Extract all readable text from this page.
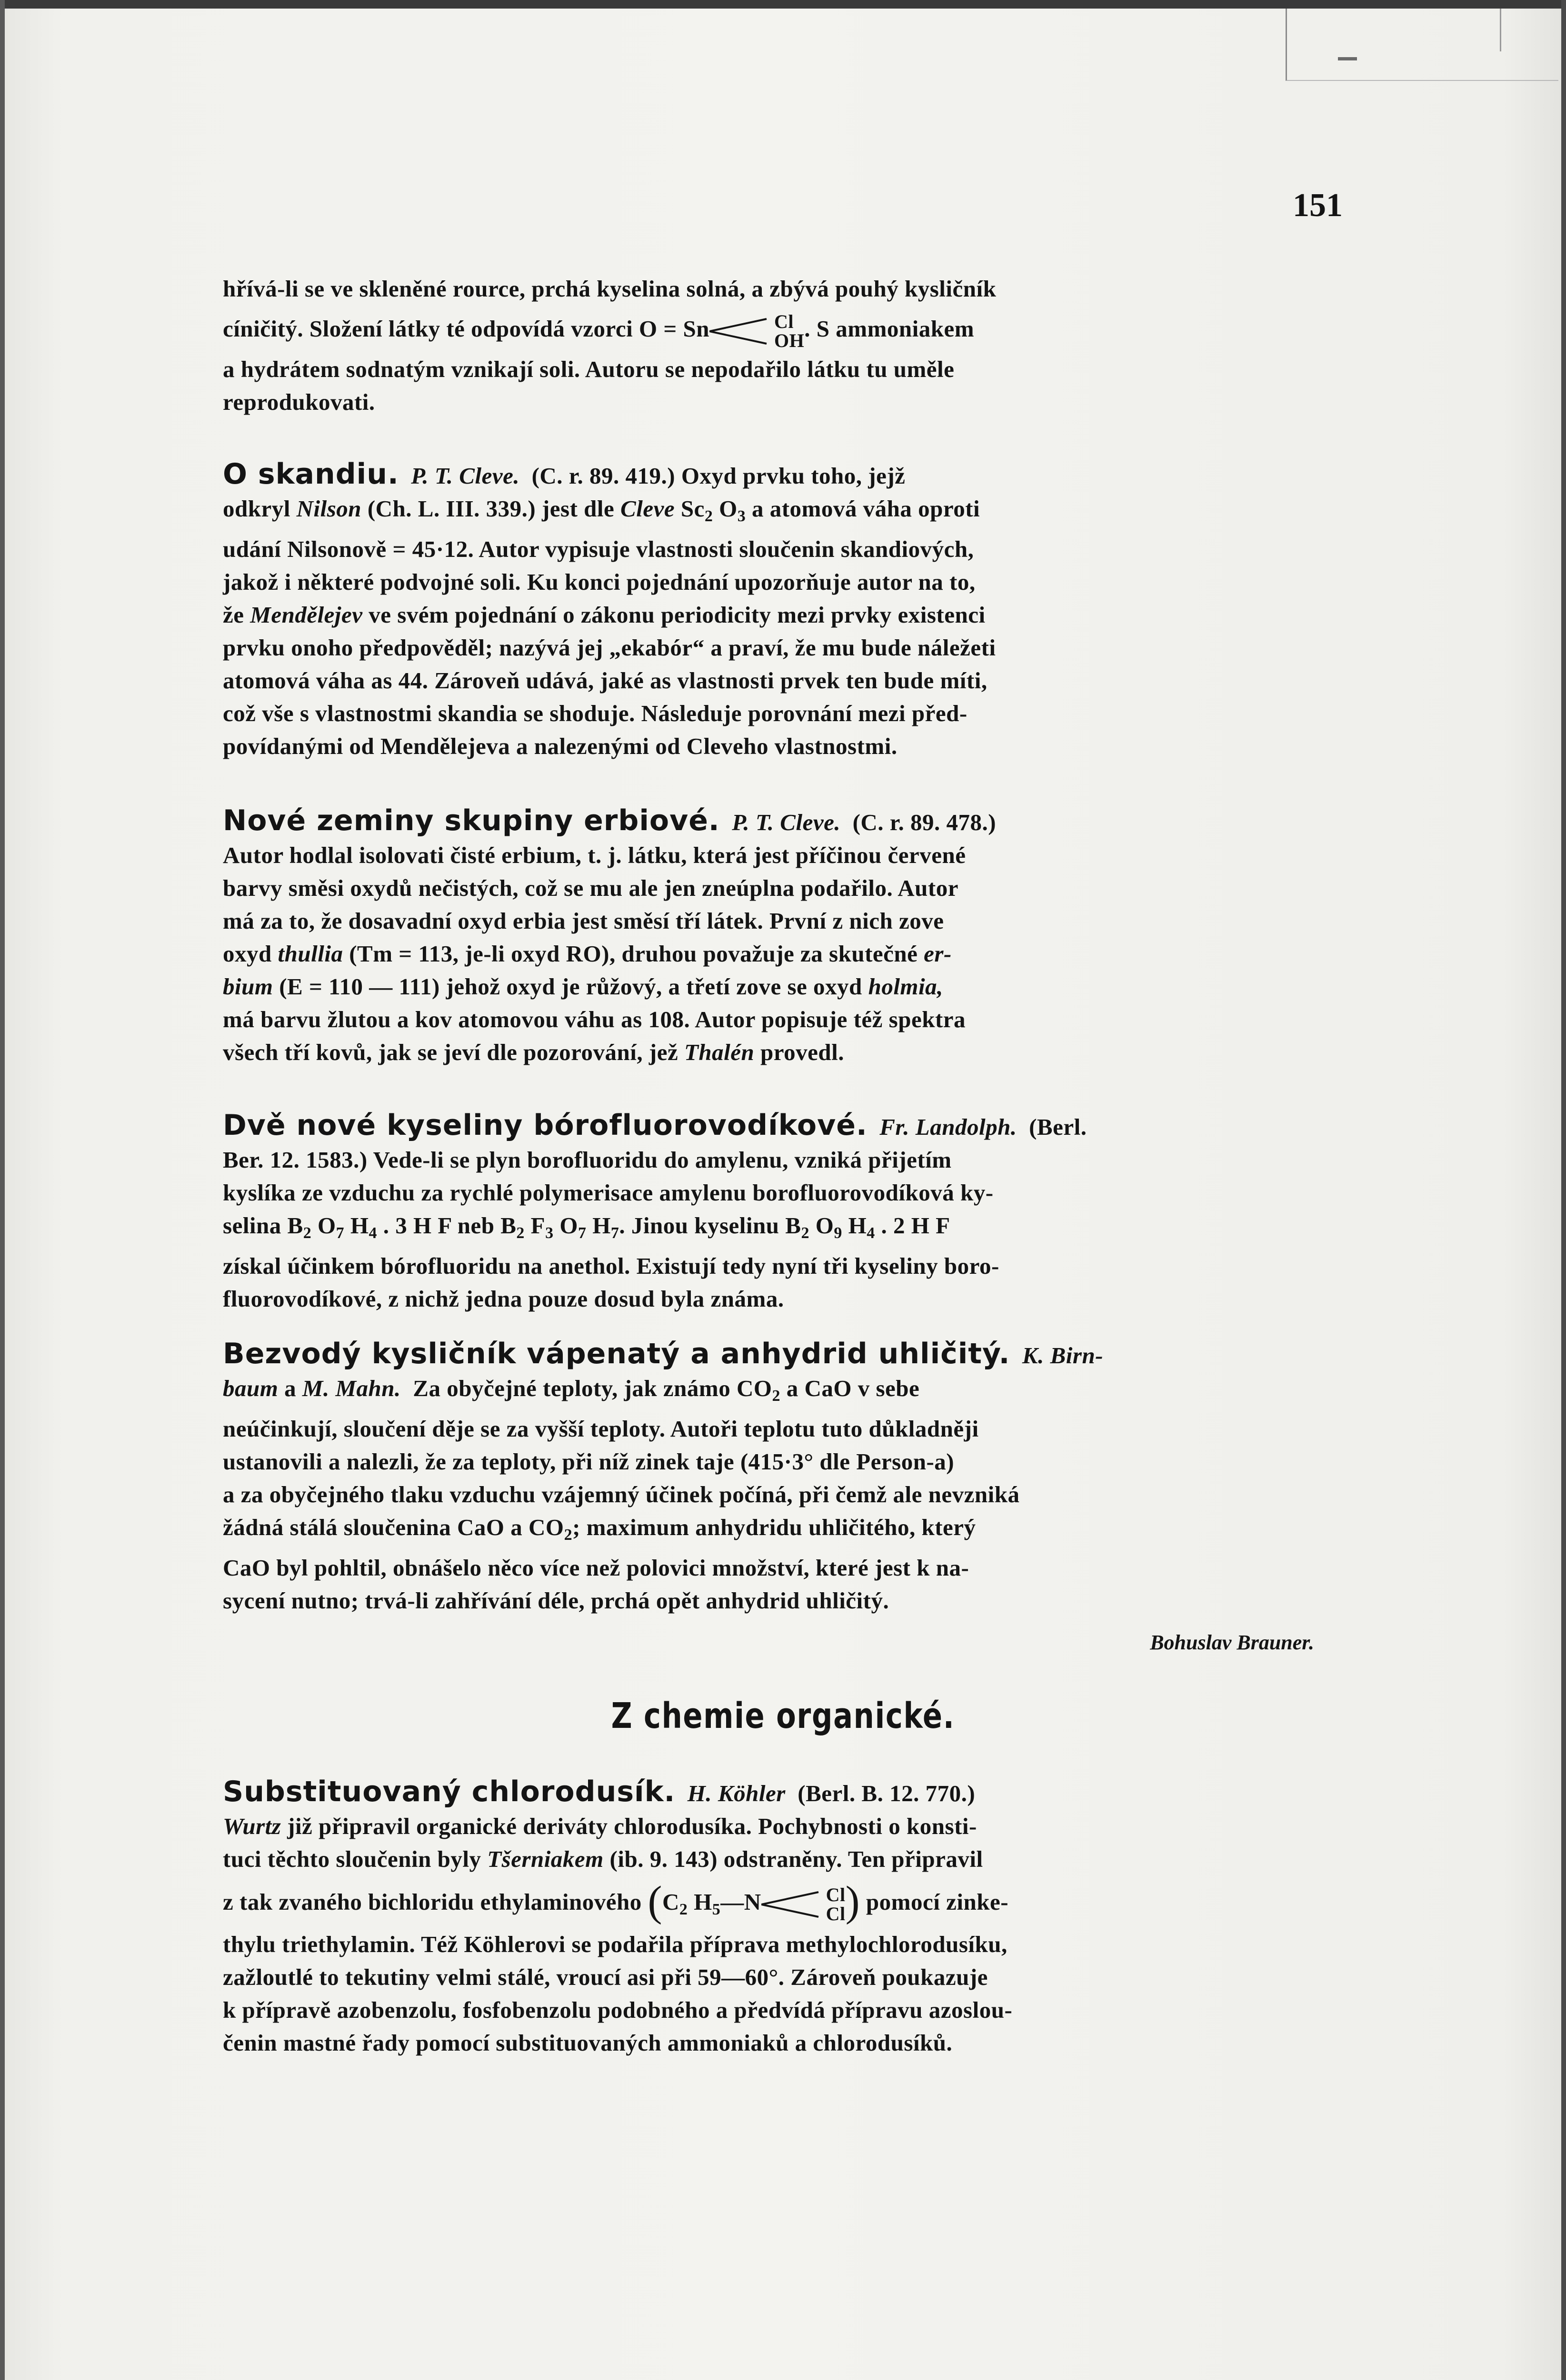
151
hřívá-li se ve skleněné rource, prchá kyselina solná, a zbývá pouhý kysličník
cíničitý. Složení látky té odpovídá vzorci O = Sn	Cl
OH . S ammoniakem
a hydrátem sodnatým vznikají soli. Autoru se nepodařilo látku tu uměle
reprodukovati.
O skandiu. P. T. Cleve. (C. r. 89. 419.) Oxyd prvku toho, jejž
odkryl Nilson (Ch. L. III. 339.) jest dle Cleve $Sc_2$ $O_3$ a atomová váha oproti
udání Nilsonově = 45·12. Autor vypisuje vlastnosti sloučenin skandiových,
jakož i některé podvojné soli. Ku konci pojednání upozorňuje autor na to,
že Mendělejev ve svém pojednání o zákonu periodicity mezi prvky existenci
prvku onoho předpověděl; nazývá jej „ekabór“ a praví, že mu bude náležeti
atomová váha as 44. Zároveň udává, jaké as vlastnosti prvek ten bude míti,
což vše s vlastnostmi skandia se shoduje. Následuje porovnání mezi před-
povídanými od Mendělejeva a nalezenými od Cleveho vlastnostmi.
Nové zeminy skupiny erbiové. P. T. Cleve. (C. r. 89. 478.)
Autor hodlal isolovati čisté erbium, t. j. látku, která jest příčinou červené
barvy směsi oxydů nečistých, což se mu ale jen zneúplna podařilo. Autor
má za to, že dosavadní oxyd erbia jest směsí tří látek. První z nich zove
oxyd thullia (Tm = 113, je-li oxyd RO), druhou považuje za skutečné er-
bium (E = 110 — 111) jehož oxyd je růžový, a třetí zove se oxyd holmia,
má barvu žlutou a kov atomovou váhu as 108. Autor popisuje též spektra
všech tří kovů, jak se jeví dle pozorování, jež Thalén provedl.
Dvě nové kyseliny bórofluorovodíkové. Fr. Landolph. (Berl.
Ber. 12. 1583.) Vede-li se plyn borofluoridu do amylenu, vzniká přijetím
kyslíka ze vzduchu za rychlé polymerisace amylenu borofluorovodíková ky-
selina $B_2$ $O_7$ $H_4$ . 3 H F neb $B_2$ $F_3$ $O_7$ $H_7$. Jinou kyselinu $B_2$ $O_9$ $H_4$ . 2 H F
získal účinkem bórofluoridu na anethol. Existují tedy nyní tři kyseliny boro-
fluorovodíkové, z nichž jedna pouze dosud byla známa.
Bezvodý kysličník vápenatý a anhydrid uhličitý. K. Birn-
baum a M. Mahn. Za obyčejné teploty, jak známo $CO_2$ a CaO v sebe
neúčinkují, sloučení děje se za vyšší teploty. Autoři teplotu tuto důkladněji
ustanovili a nalezli, že za teploty, při níž zinek taje (415·3° dle Person-a)
a za obyčejného tlaku vzduchu vzájemný účinek počíná, při čemž ale nevzniká
žádná stálá sloučenina CaO a $CO_2$; maximum anhydridu uhličitého, který
CaO byl pohltil, obnášelo něco více než polovici množství, které jest k na-
sycení nutno; trvá-li zahřívání déle, prchá opět anhydrid uhličitý.
Bohuslav Brauner.
Z chemie organické.
Substituovaný chlorodusík. H. Köhler (Berl. B. 12. 770.)
Wurtz již připravil organické deriváty chlorodusíka. Pochybnosti o konsti-
tuci těchto sloučenin byly Tšerniakem (ib. 9. 143) odstraněny. Ten připravil
z tak zvaného bichloridu ethylaminového ($C_2$ $H_5—N$	Cl
Cl ) pomocí zinke-
thylu triethylamin. Též Köhlerovi se podařila příprava methylochlorodusíku,
zažloutlé to tekutiny velmi stálé, vroucí asi při 59—60°. Zároveň poukazuje
k přípravě azobenzolu, fosfobenzolu podobného a předvídá přípravu azoslou-
čenin mastné řady pomocí substituovaných ammoniaků a chlorodusíků.
